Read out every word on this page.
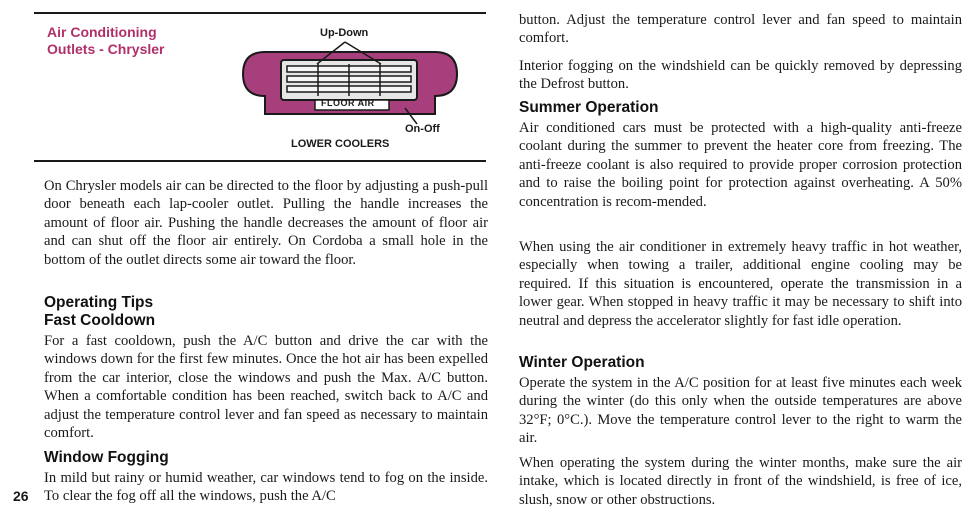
Air Conditioning
Outlets - Chrysler
Up-Down
FLOOR AIR
On-Off
LOWER COOLERS

On Chrysler models air can be directed to the floor by adjusting a push-pull door beneath each lap-cooler outlet. Pulling the handle increases the amount of floor air. Pushing the handle decreases the amount of floor air and can shut off the floor air entirely. On Cordoba a small hole in the bottom of the outlet directs some air toward the floor.

Operating Tips
Fast Cooldown

For a fast cooldown, push the A/C button and drive the car with the windows down for the first few minutes. Once the hot air has been expelled from the car interior, close the windows and push the Max. A/C button. When a comfortable condition has been reached, switch back to A/C and adjust the temperature control lever and fan speed as necessary to maintain comfort.

Window Fogging

In mild but rainy or humid weather, car windows tend to fog on the inside. To clear the fog off all the windows, push the A/C

26

button. Adjust the temperature control lever and fan speed to maintain comfort.

Interior fogging on the windshield can be quickly removed by depressing the Defrost button.

Summer Operation

Air conditioned cars must be protected with a high-quality anti-freeze coolant during the summer to prevent the heater core from freezing. The anti-freeze coolant is also required to provide proper corrosion protection and to raise the boiling point for protection against overheating. A 50% concentration is recom-mended.

When using the air conditioner in extremely heavy traffic in hot weather, especially when towing a trailer, additional engine cooling may be required. If this situation is encountered, operate the transmission in a lower gear. When stopped in heavy traffic it may be necessary to shift into neutral and depress the accelerator slightly for fast idle operation.

Winter Operation

Operate the system in the A/C position for at least five minutes each week during the winter (do this only when the outside temperatures are above 32°F; 0°C.). Move the temperature control lever to the right to warm the air.

When operating the system during the winter months, make sure the air intake, which is located directly in front of the windshield, is free of ice, slush, snow or other obstructions.
